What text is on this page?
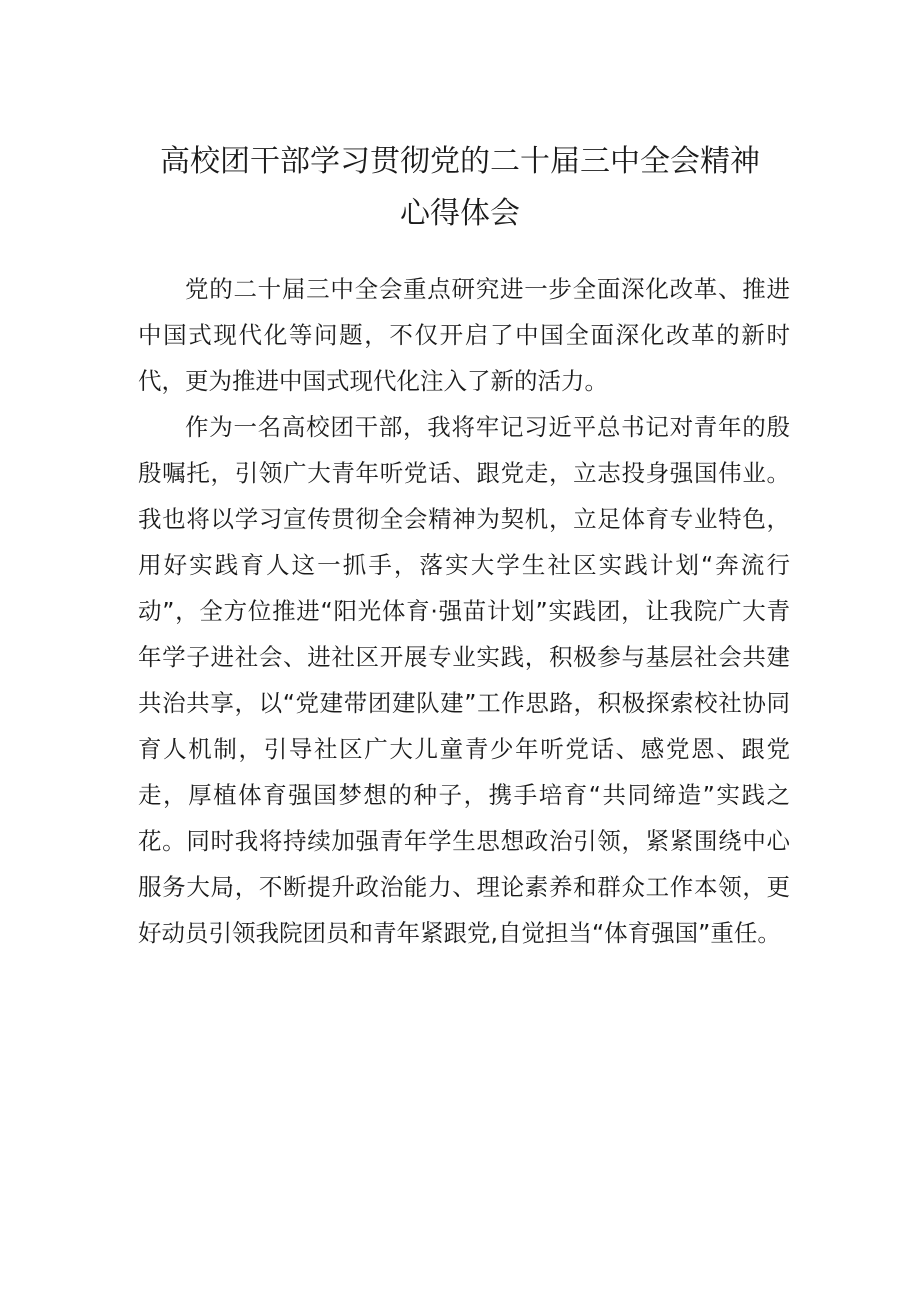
高校团干部学习贯彻党的二十届三中全会精神
心得体会

党的二十届三中全会重点研究进一步全面深化改革、推进中国式现代化等问题，不仅开启了中国全面深化改革的新时代，更为推进中国式现代化注入了新的活力。

作为一名高校团干部，我将牢记习近平总书记对青年的殷殷嘱托，引领广大青年听党话、跟党走，立志投身强国伟业。我也将以学习宣传贯彻全会精神为契机，立足体育专业特色，用好实践育人这一抓手，落实大学生社区实践计划“奔流行动”，全方位推进“阳光体育·强苗计划”实践团，让我院广大青年学子进社会、进社区开展专业实践，积极参与基层社会共建共治共享，以“党建带团建队建”工作思路，积极探索校社协同育人机制，引导社区广大儿童青少年听党话、感党恩、跟党走，厚植体育强国梦想的种子，携手培育“共同缔造”实践之花。同时我将持续加强青年学生思想政治引领，紧紧围绕中心服务大局，不断提升政治能力、理论素养和群众工作本领，更好动员引领我院团员和青年紧跟党,自觉担当“体育强国”重任。
